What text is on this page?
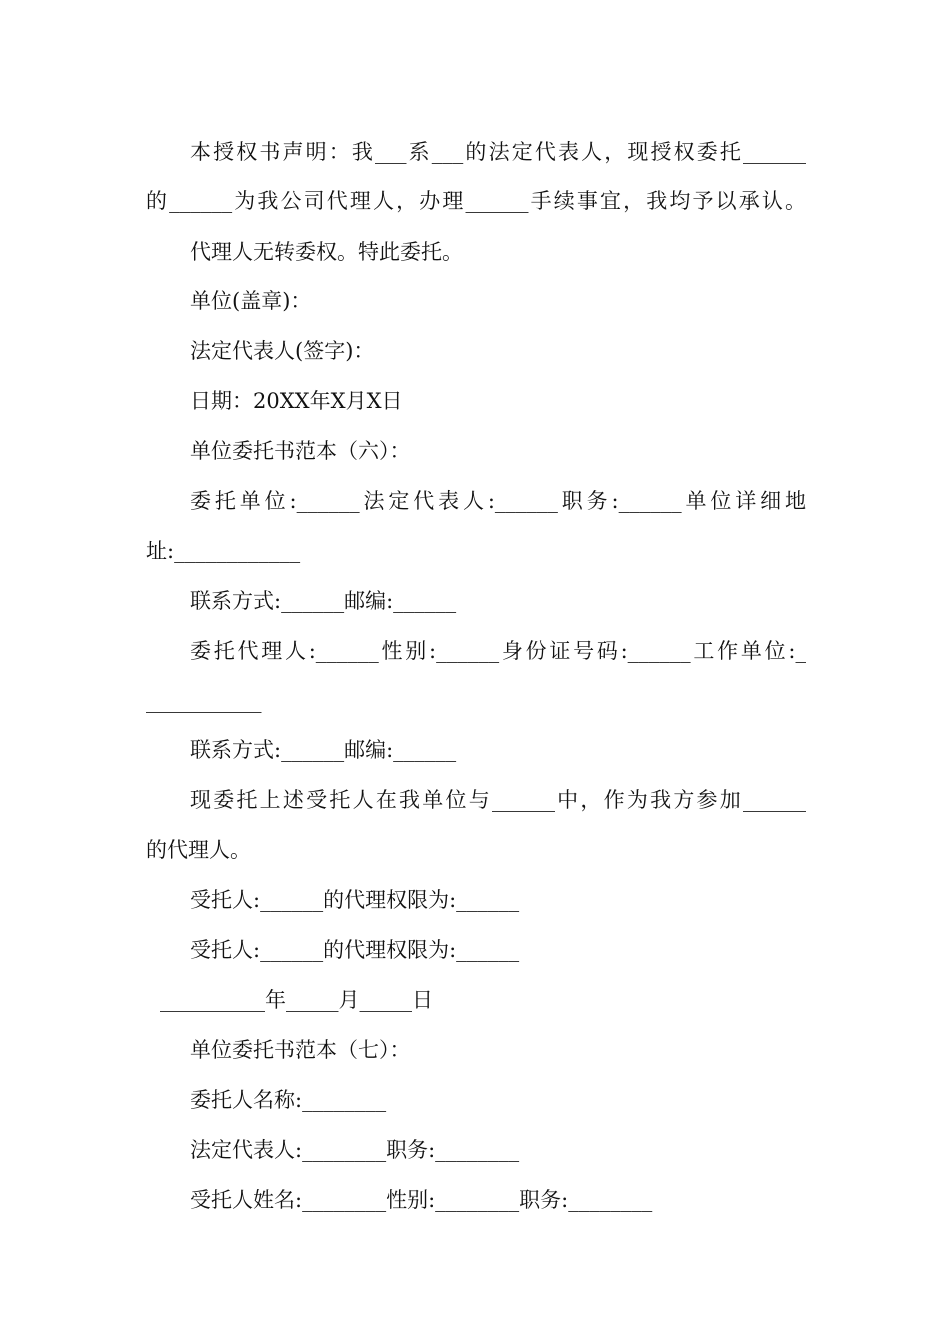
本授权书声明：我___系___的法定代表人，现授权委托______
的______为我公司代理人，办理______手续事宜，我均予以承认。
代理人无转委权。特此委托。
单位(盖章)：
法定代表人(签字)：
日期：20XX年X月X日
单位委托书范本（六）：
委托单位:______法定代表人:______职务:______单位详细地
址:____________
联系方式:______邮编:______
委托代理人:______性别:______身份证号码:______工作单位:_
___________
联系方式:______邮编:______
现委托上述受托人在我单位与______中，作为我方参加______
的代理人。
受托人:______的代理权限为:______
受托人:______的代理权限为:______
__________年_____月_____日
单位委托书范本（七）：
委托人名称:________
法定代表人:________职务:________
受托人姓名:________性别:________职务:________
